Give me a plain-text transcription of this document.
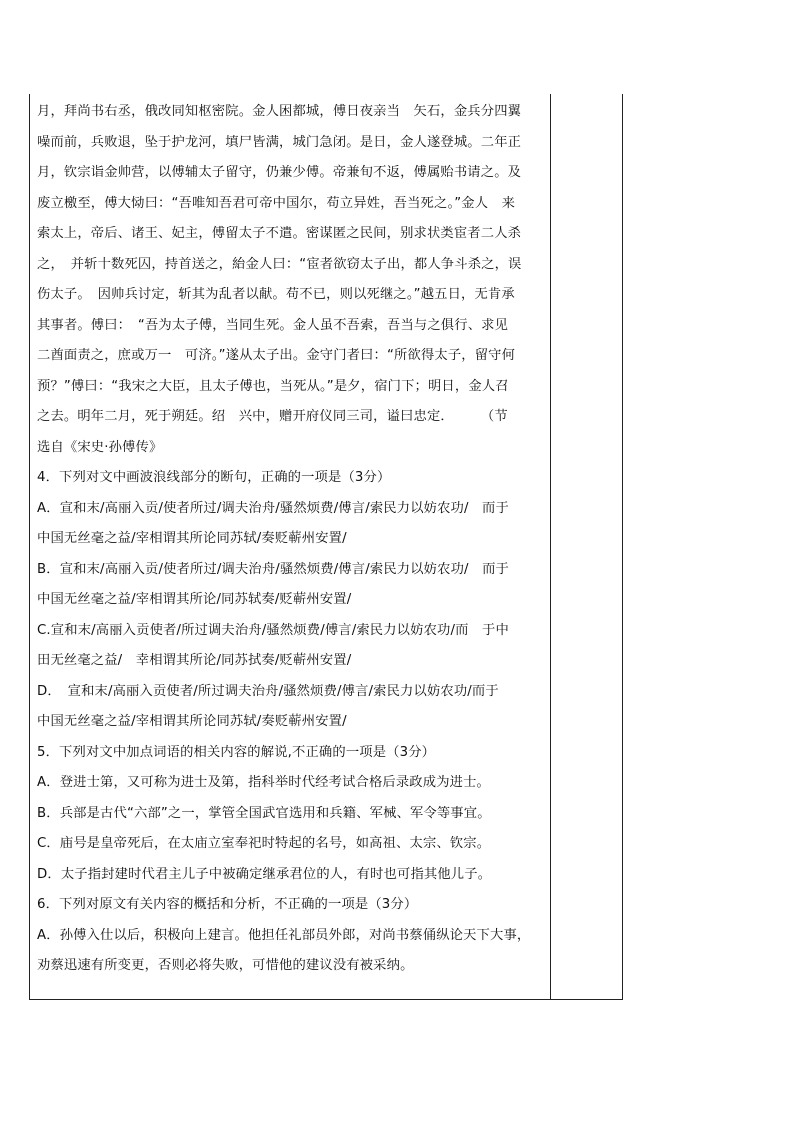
月，拜尚书右丞，俄改同知枢密院。金人困都城，傅日夜亲当　矢石，金兵分四翼
噪而前，兵败退，坠于护龙河，填尸皆满，城门急闭。是日，金人遂登城。二年正
月，钦宗诣金帅营，以傅辅太子留守，仍兼少傅。帝兼旬不返，傅属贻书请之。及
废立檄至，傅大恸曰：“吾唯知吾君可帝中国尔，苟立异姓，吾当死之。”金人　来
索太上，帝后、诸王、妃主，傅留太子不遣。密谋匿之民间，别求状类宦者二人杀
之，　并斩十数死囚，持首送之，紿金人曰：“宦者欲窃太子出，都人争斗杀之，误
伤太子。　因帅兵讨定，斩其为乱者以献。苟不已，则以死继之。”越五日，无肯承
其事者。傅曰：　“吾为太子傅，当同生死。金人虽不吾索，吾当与之俱行、求见
二酋面责之，庶或万一　可济。”遂从太子出。金守门者曰：“所欲得太子，留守何
预？”傅曰：“我宋之大臣，且太子傅也，当死从。”是夕，宿门下；明日，金人召
之去。明年二月，死于朔廷。绍　兴中，赠开府仪同三司，谥曰忠定．　　　（节
选自《宋史·孙傅传》
4．下列对文中画波浪线部分的断句，正确的一项是（3分）
A．宣和末/高丽入贡/使者所过/调夫治舟/骚然烦费/傅言/索民力以妨农功/　而于
中国无丝毫之益/宰相谓其所论同苏轼/奏贬蕲州安置/
B．宣和末/高丽入贡/使者所过/调夫治舟/骚然烦费/傅言/索民力以妨农功/　而于
中国无丝毫之益/宰相谓其所论/同苏轼奏/贬蕲州安置/
C.宣和末/高丽入贡使者/所过调夫治舟/骚然烦费/傅言/索民力以妨农功/而　于中
田无丝毫之益/　幸相谓其所论/同苏拭奏/贬蕲州安置/
D．　宣和末/高丽入贡使者/所过调夫治舟/骚然烦费/傅言/索民力以妨农功/而于
中国无丝毫之益/宰相谓其所论同苏轼/奏贬蕲州安置/
5．下列对文中加点词语的相关内容的解说,不正确的一项是（3分）
A．登进士第，又可称为进士及第，指科举时代经考试合格后录政成为进士。
B．兵部是古代“六部”之一，掌管全国武官选用和兵籍、军械、军令等事宜。
C．庙号是皇帝死后，在太庙立室奉祀时特起的名号，如高祖、太宗、钦宗。
D．太子指封建时代君主儿子中被确定继承君位的人，有时也可指其他儿子。
6．下列对原文有关内容的概括和分析，不正确的一项是（3分）
A．孙傅入仕以后，积极向上建言。他担任礼部员外郎，对尚书蔡俑纵论天下大事，
劝蔡迅速有所变更，否则必将失败，可惜他的建议没有被采纳。
